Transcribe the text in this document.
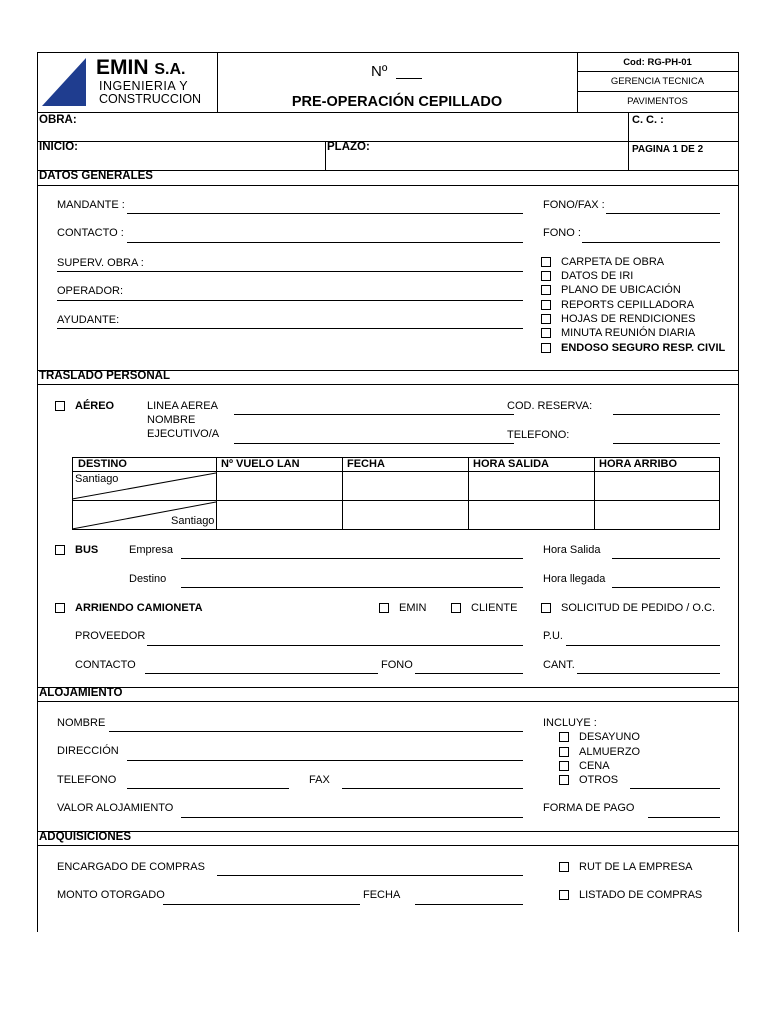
EMIN S.A.
INGENIERIA Y
CONSTRUCCION
Nº
PRE-OPERACIÓN CEPILLADO
Cod: RG-PH-01
GERENCIA TECNICA
PAVIMENTOS
OBRA:	C. C. :
INICIO:	PLAZO:	PAGINA 1 DE 2
DATOS GENERALES
MANDANTE :	FONO/FAX :
CONTACTO :	FONO :
SUPERV. OBRA :
OPERADOR:
AYUDANTE:
CARPETA DE OBRA
DATOS DE IRI
PLANO DE UBICACIÓN
REPORTS CEPILLADORA
HOJAS DE RENDICIONES
MINUTA REUNIÓN DIARIA
ENDOSO SEGURO RESP. CIVIL
TRASLADO PERSONAL
AÉREO	LINEA AEREA
NOMBRE
EJECUTIVO/A
COD. RESERVA:
TELEFONO:
DESTINO	Nº VUELO LAN	FECHA	HORA SALIDA	HORA ARRIBO
Santiago
Santiago
BUS	Empresa	Hora Salida
Destino	Hora llegada
ARRIENDO CAMIONETA	EMIN	CLIENTE	SOLICITUD DE PEDIDO / O.C.
PROVEEDOR	P.U.
CONTACTO	FONO	CANT.
ALOJAMIENTO
NOMBRE	INCLUYE :
DIRECCIÓN
TELEFONO	FAX
VALOR ALOJAMIENTO	FORMA DE PAGO
DESAYUNO
ALMUERZO
CENA
OTROS
ADQUISICIONES
ENCARGADO DE COMPRAS
MONTO OTORGADO	FECHA
RUT DE LA EMPRESA
LISTADO DE COMPRAS
